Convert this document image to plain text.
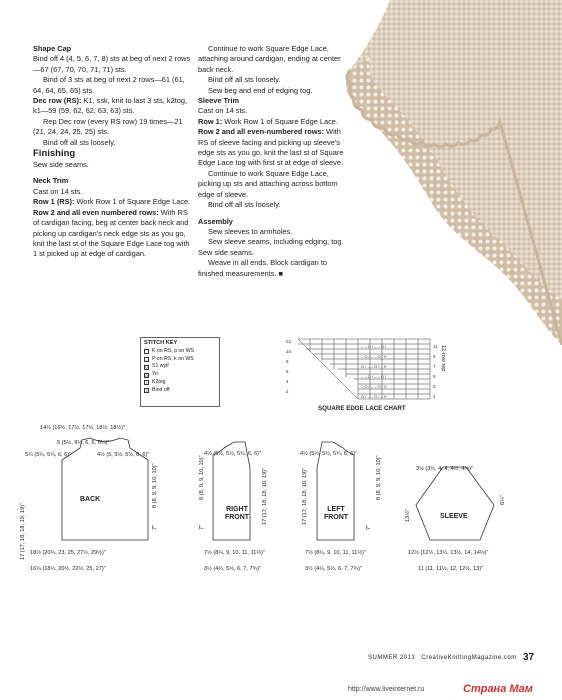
Shape Cap

Bind off 4 (4, 5, 6, 7, 8) sts at beg of next 2 rows—67 (67, 70, 70, 71, 71) sts.

Bind of 3 sts at beg of next 2 rows—61 (61, 64, 64, 65, 65) sts.

Dec row (RS): K1, ssk, knit to last 3 sts, k2tog, k1—59 (59, 62, 62, 63, 63) sts.

Rep Dec row (every RS row) 19 times—21 (21, 24, 24, 25, 25) sts.

Bind off all sts loosely.

Finishing

Sew side seams.

Neck Trim

Cast on 14 sts.

Row 1 (RS): Work Row 1 of Square Edge Lace.

Row 2 and all even numbered rows: With RS of cardigan facing, beg at center back neck and picking up cardigan's neck edge sts as you go, knit the last st of the Square Edge Lace tog with 1 st picked up at edge of cardigan.

Continue to work Square Edge Lace, attaching around cardigan, ending at center back neck.

Bind off all sts loosely.

Sew beg and end of edging tog.

Sleeve Trim

Cast on 14 sts.

Row 1: Work Row 1 of Square Edge Lace.

Row 2 and all even-numbered rows: With RS of sleeve facing and picking up sleeve's edge sts as you go, knit the last st of Square Edge Lace tog with first st at edge of sleeve.

Continue to work Square Edge Lace, picking up sts and attaching across bottom edge of sleeve.

Bind off all sts loosely.

Assembly

Sew sleeves to armholes.

Sew sleeve seams, including edging, tog. Sew side seams.

Weave in all ends. Block cardigan to finished measurements. ■

STITCH KEY
K on RS, p on WS
– P on RS, k on WS
V S1 wyif
O Yo
/ K2tog
• Bind off
12
10
8
6
4
2
11
9
7
5
3
1
– – O / – – O /
– O / – – O / V
O / – – O / – V
– – O / – – O /
– O / – – O / V
O / – – O / – V
12-row rep
SQUARE EDGE LACE CHART
14½ (16½, 17½, 17½, 18½, 18½)"
5 (5½, 6½, 6, 6, 6¼)"
5¼ (5¼, 5¼, 6, 6)"	4½ (5, 5½, 5½, 6, 6)"
BACK
17 (17, 18, 18, 19, 19)"
8 (8, 9, 9, 10, 10)"
7"
18½ (20¼, 23, 25, 27½, 29½)"
16¼ (18½, 20½, 22½, 25, 27)"
4½ (5½, 5½, 5¾, 6, 6)"
RIGHT FRONT
8 (8, 9, 9, 10, 10)"
7"
17 (17, 18, 18, 19, 19)"
7½ (8¼, 9, 10, 11, 11½)"
3½ (4½, 5½, 6, 7, 7¾)"
4½ (5½, 5½, 5¾, 6, 6)"
LEFT FRONT
17 (17, 18, 18, 19, 19)"
7"
8 (8, 9, 9, 10, 10)"
7½ (8¼, 9, 10, 11, 11½)"
3½ (4¼, 5½, 6, 7, 7¾)"
3½ (3½, 4, 4, 4½, 4½)"
SLEEVE
13½"
6¼"
12½ (12½, 13½, 13½, 14, 14½)"
11 (11, 11½, 12, 12½, 13)"
SUMMER 2013 CreativeKnittingMagazine.com 37
http://www.liveinternet.ru	Страна Мам
